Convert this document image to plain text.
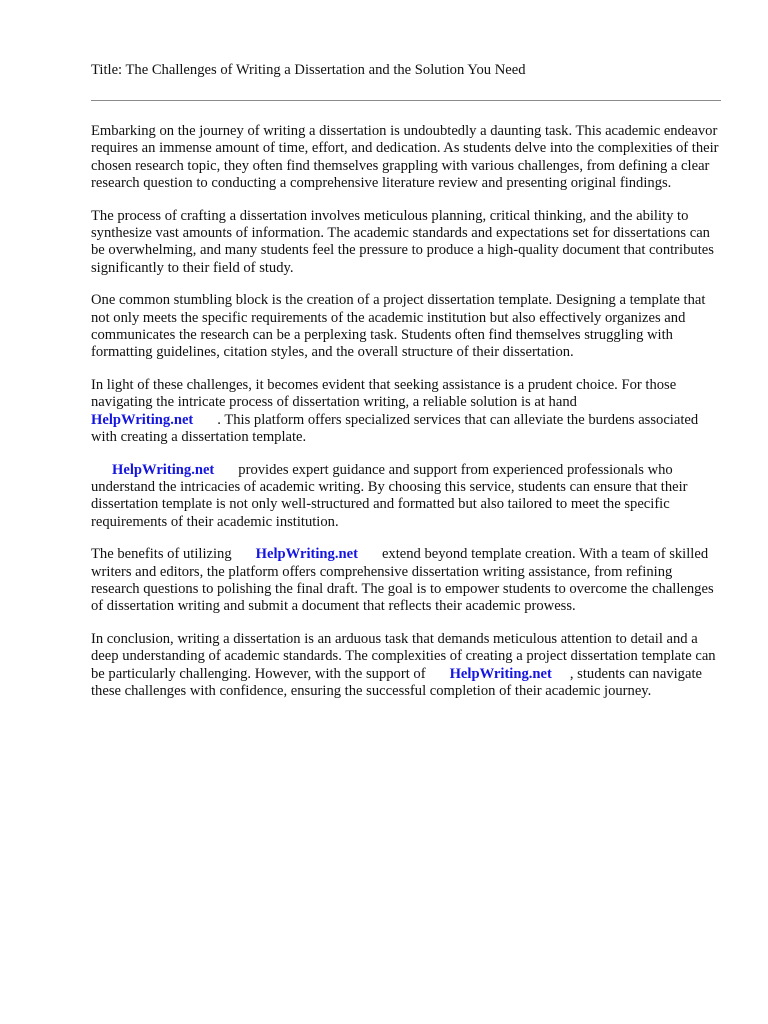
Title: The Challenges of Writing a Dissertation and the Solution You Need

Embarking on the journey of writing a dissertation is undoubtedly a daunting task. This academic endeavor requires an immense amount of time, effort, and dedication. As students delve into the complexities of their chosen research topic, they often find themselves grappling with various challenges, from defining a clear research question to conducting a comprehensive literature review and presenting original findings.

The process of crafting a dissertation involves meticulous planning, critical thinking, and the ability to synthesize vast amounts of information. The academic standards and expectations set for dissertations can be overwhelming, and many students feel the pressure to produce a high-quality document that contributes significantly to their field of study.

One common stumbling block is the creation of a project dissertation template. Designing a template that not only meets the specific requirements of the academic institution but also effectively organizes and communicates the research can be a perplexing task. Students often find themselves struggling with formatting guidelines, citation styles, and the overall structure of their dissertation.

In light of these challenges, it becomes evident that seeking assistance is a prudent choice. For those navigating the intricate process of dissertation writing, a reliable solution is at hand
HelpWriting.net . This platform offers specialized services that can alleviate the burdens associated with creating a dissertation template.

HelpWriting.net provides expert guidance and support from experienced professionals who understand the intricacies of academic writing. By choosing this service, students can ensure that their dissertation template is not only well-structured and formatted but also tailored to meet the specific requirements of their academic institution.

The benefits of utilizing HelpWriting.net extend beyond template creation. With a team of skilled writers and editors, the platform offers comprehensive dissertation writing assistance, from refining research questions to polishing the final draft. The goal is to empower students to overcome the challenges of dissertation writing and submit a document that reflects their academic prowess.

In conclusion, writing a dissertation is an arduous task that demands meticulous attention to detail and a deep understanding of academic standards. The complexities of creating a project dissertation template can be particularly challenging. However, with the support of HelpWriting.net , students can navigate these challenges with confidence, ensuring the successful completion of their academic journey.
